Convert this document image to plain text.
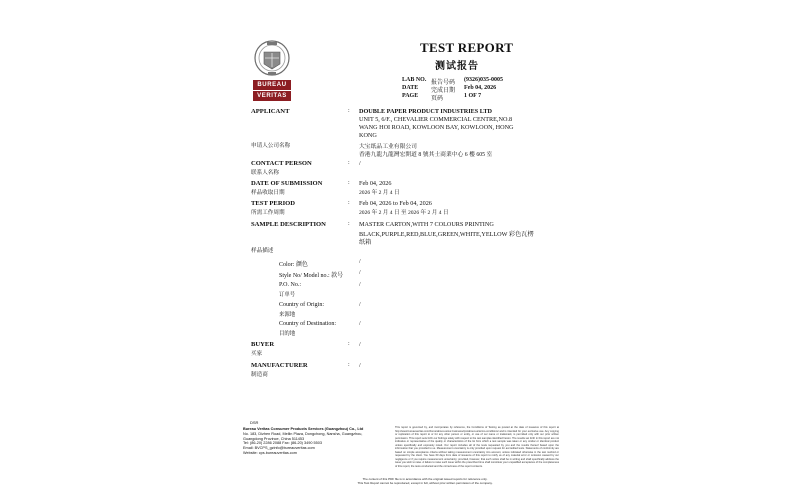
BUREAU
VERITAS
TEST REPORT
测试报告
LAB NO. 报告号码 (9326)035-0005
DATE 完成日期 Feb 04, 2026
PAGE 页码	1 OF 7
APPLICANT	: DOUBLE PAPER PRODUCT INDUSTRIES LTD
UNIT 5, 6/F., CHEVALIER COMMERCIAL CENTRE,NO.8
WANG HOI ROAD, KOWLOON BAY, KOWLOON, HONG
KONG
申请人公司名称	大宝纸品工业有限公司
香港九龍九龍灣宏開道 8 號其士商業中心 6 樓 605 室
CONTACT PERSON	: /
联系人名称
DATE OF SUBMISSION	: Feb 04, 2026
样品收取日期	2026 年 2 月 4 日
TEST PERIOD	: Feb 04, 2026 to Feb 04, 2026
所需工作周期	2026 年 2 月 4 日 至 2026 年 2 月 4 日
SAMPLE DESCRIPTION	: MASTER CARTON,WITH 7 COLOURS PRINTING
BLACK,PURPLE,RED,BLUE,GREEN,WHITE,YELLOW 彩色瓦楞
纸箱
样品描述
Color: 颜色	/
Style No/ Model no.: 款号	/
P.O. No.:
订单号
/
Country of Origin:
来源地
/
Country of Destination:
目的地
/
BUYER	: /
买家
MANUFACTURER	: /
制造商
DSR
Bureau Veritas Consumer Products Services (Guangzhou) Co., Ltd
No. 183, Dizhen Road, Mellin Plaza, Dongchong, Nansha, Guangzhou, Guangdong Province, China 511453
Tel: (86-20) 2286 2088 Fax: (86-20) 3490 5503
Email: BVCPS_gzinfo@bureauveritas.com
Website: cps.bureauveritas.com
This report is governed by, and incorporates by reference, the Conditions of Testing as posted at the date of issuance of this report at http://www.bureauveritas.com/home/about-us/our-business/cps/about-us/terms-conditions/ and is intended for your exclusive use. Any copying or replication of this report to or for any other person or entity, or use of our name or trademark, is permitted only with our prior written permission. This report sets forth our findings solely with respect to the test samples identified herein. The results set forth in this report are not indicative or representative of the quality or characteristics of the lot from which a test sample was taken or any similar or identical product unless specifically and expressly noted. Our report includes all of the tests requested by you and the results thereof based upon the information that you provided to us. Measurement uncertainty is only provided upon request for accredited tests. Statements of conformity are based on simple acceptance criteria without taking measurement uncertainty into account, unless indicated otherwise in the test method or requested by the client. You have 60 days from date of issuance of this report to notify us of any material error or omission caused by our negligence or if you require measurement uncertainty; provided, however, that such notice shall be in writing and shall specifically address the issue you wish to raise. A failure to raise such issue within the prescribed time shall constitute your unqualified acceptance of the completeness of this report, the tests conducted and the correctness of the report contents.
The content of this PDF file is in accordance with the original issued reports for reference only.
This Test Report cannot be reproduced, except in full, without prior written permission of the company.
